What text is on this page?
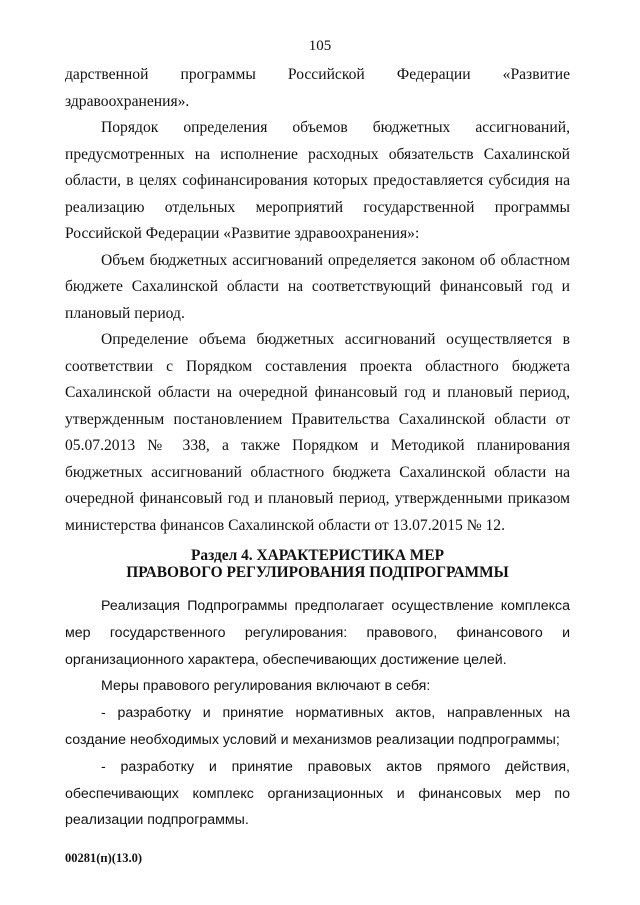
105

дарственной программы Российской Федерации «Развитие здравоохранения».

Порядок определения объемов бюджетных ассигнований, предусмотренных на исполнение расходных обязательств Сахалинской области, в целях софинансирования которых предоставляется субсидия на реализацию отдельных мероприятий государственной программы Российской Федерации «Развитие здравоохранения»:

Объем бюджетных ассигнований определяется законом об областном бюджете Сахалинской области на соответствующий финансовый год и плановый период.

Определение объема бюджетных ассигнований осуществляется в соответствии с Порядком составления проекта областного бюджета Сахалинской области на очередной финансовый год и плановый период, утвержденным постановлением Правительства Сахалинской области от 05.07.2013 № 338, а также Порядком и Методикой планирования бюджетных ассигнований областного бюджета Сахалинской области на очередной финансовый год и плановый период, утвержденными приказом министерства финансов Сахалинской области от 13.07.2015 № 12.

Раздел 4. ХАРАКТЕРИСТИКА МЕР
ПРАВОВОГО РЕГУЛИРОВАНИЯ ПОДПРОГРАММЫ

Реализация Подпрограммы предполагает осуществление комплекса мер государственного регулирования: правового, финансового и организационного характера, обеспечивающих достижение целей.

Меры правового регулирования включают в себя:

- разработку и принятие нормативных актов, направленных на создание необходимых условий и механизмов реализации подпрограммы;

- разработку и принятие правовых актов прямого действия, обеспечивающих комплекс организационных и финансовых мер по реализации подпрограммы.

00281(п)(13.0)
